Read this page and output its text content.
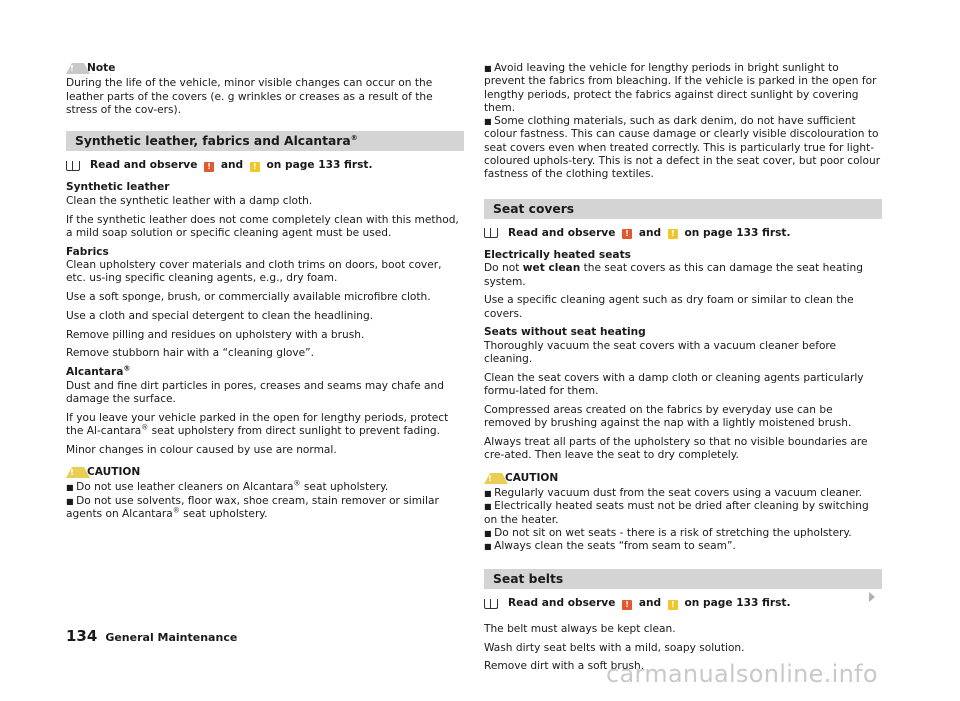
!	Note

During the life of the vehicle, minor visible changes can occur on the leather parts of the covers (e. g wrinkles or creases as a result of the stress of the cov-ers).

Synthetic leather, fabrics and Alcantara®
Read and observe
	!
and
	!
on page 133 first.
Synthetic leather
Clean the synthetic leather with a damp cloth.

If the synthetic leather does not come completely clean with this method, a mild soap solution or specific cleaning agent must be used.

Fabrics
Clean upholstery cover materials and cloth trims on doors, boot cover, etc. us-ing specific cleaning agents, e.g., dry foam.

Use a soft sponge, brush, or commercially available microfibre cloth.

Use a cloth and special detergent to clean the headlining.

Remove pilling and residues on upholstery with a brush.

Remove stubborn hair with a “cleaning glove”.

Alcantara®
Dust and fine dirt particles in pores, creases and seams may chafe and damage the surface.

If you leave your vehicle parked in the open for lengthy periods, protect the Al-cantara® seat upholstery from direct sunlight to prevent fading.

Minor changes in colour caused by use are normal.

!	CAUTION
■ Do not use leather cleaners on Alcantara® seat upholstery.
■ Do not use solvents, floor wax, shoe cream, stain remover or similar agents on Alcantara® seat upholstery.
■ Avoid leaving the vehicle for lengthy periods in bright sunlight to prevent the fabrics from bleaching. If the vehicle is parked in the open for lengthy periods, protect the fabrics against direct sunlight by covering them.
■ Some clothing materials, such as dark denim, do not have sufficient colour fastness. This can cause damage or clearly visible discolouration to seat covers even when treated correctly. This is particularly true for light-coloured uphols-tery. This is not a defect in the seat cover, but poor colour fastness of the clothing textiles.
Seat covers
Read and observe
	!
and
	!
on page 133 first.
Electrically heated seats
Do not wet clean the seat covers as this can damage the seat heating system.

Use a specific cleaning agent such as dry foam or similar to clean the covers.

Seats without seat heating
Thoroughly vacuum the seat covers with a vacuum cleaner before cleaning.

Clean the seat covers with a damp cloth or cleaning agents particularly formu-lated for them.

Compressed areas created on the fabrics by everyday use can be removed by brushing against the nap with a lightly moistened brush.

Always treat all parts of the upholstery so that no visible boundaries are cre-ated. Then leave the seat to dry completely.

!	CAUTION
■ Regularly vacuum dust from the seat covers using a vacuum cleaner.
■ Electrically heated seats must not be dried after cleaning by switching on the heater.
■ Do not sit on wet seats - there is a risk of stretching the upholstery.
■ Always clean the seats “from seam to seam”.
Seat belts
Read and observe
	!
and
	!
on page 133 first.

The belt must always be kept clean.

Wash dirty seat belts with a mild, soapy solution.

Remove dirt with a soft brush.

134 General Maintenance
carmanualsonline.info
